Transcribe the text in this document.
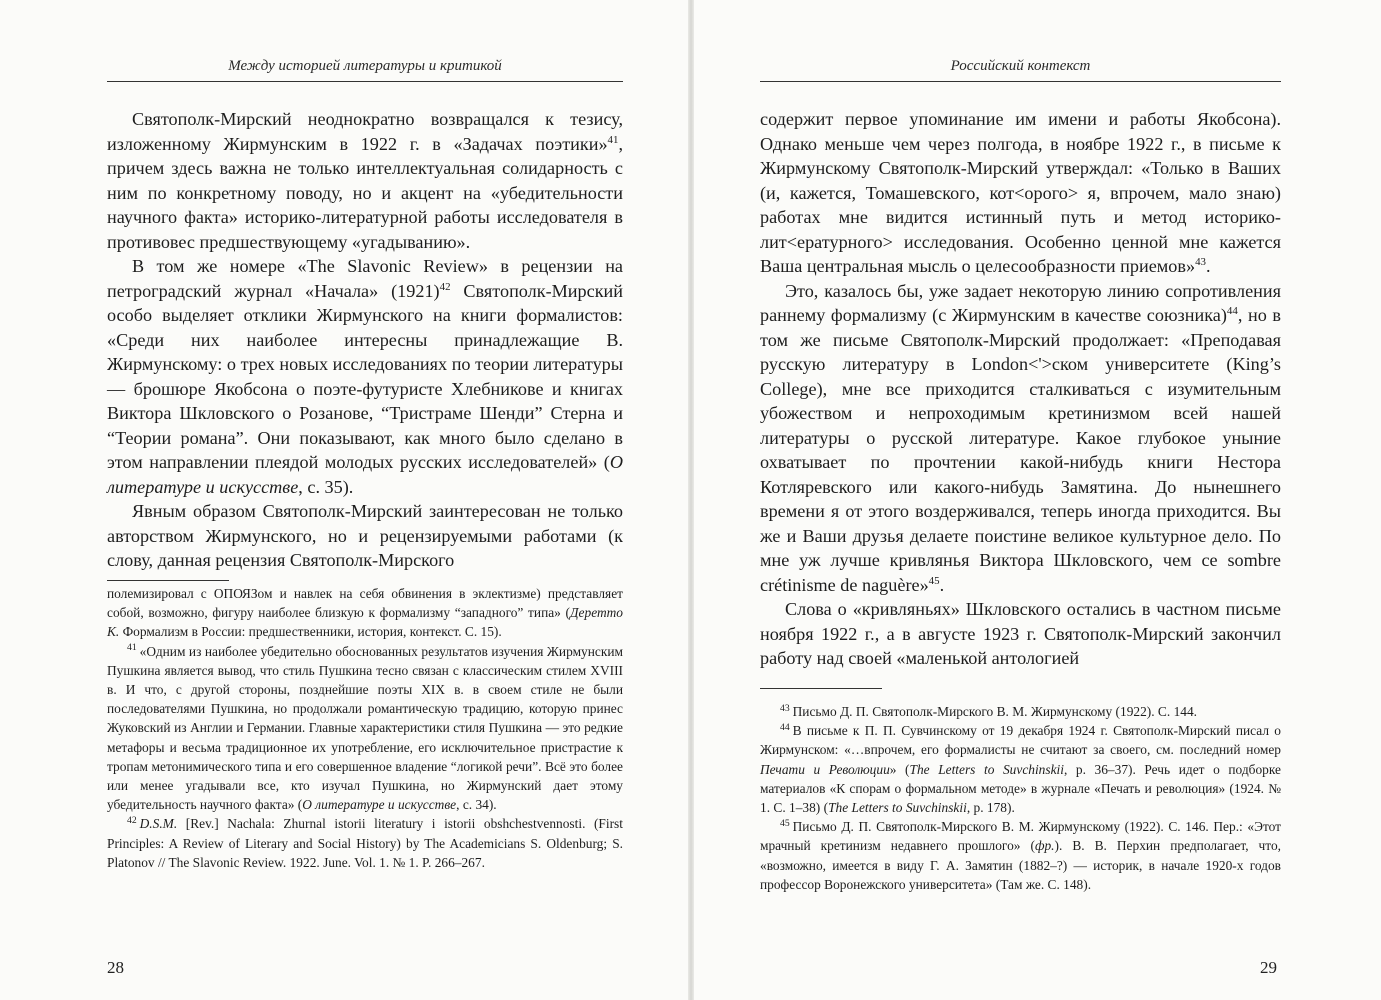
Между историей литературы и критикой

Святополк-Мирский неоднократно возвращался к тезису, изложенному Жирмунским в 1922 г. в «Задачах поэтики»$^{41}$, причем здесь важна не только интеллектуальная солидарность с ним по конкретному поводу, но и акцент на «убедительности научного факта» историко-литературной работы исследователя в противовес предшествующему «угадыванию».

В том же номере «The Slavonic Review» в рецензии на петроградский журнал «Начала» $(1921)^{42}$ Святополк-Мирский особо выделяет отклики Жирмунского на книги формалистов: «Среди них наиболее интересны принадлежащие В. Жирмунскому: о трех новых исследованиях по теории литературы — брошюре Якобсона о поэте-футуристе Хлебникове и книгах Виктора Шкловского о Розанове, “Тристраме Шенди” Стерна и “Теории романа”. Они показывают, как много было сделано в этом направлении плеядой молодых русских исследователей» (О литературе и искусстве, с. 35).

Явным образом Святополк-Мирский заинтересован не только авторством Жирмунского, но и рецензируемыми работами (к слову, данная рецензия Святополк-Мирского

полемизировал с ОПОЯЗом и навлек на себя обвинения в эклектизме) представляет собой, возможно, фигуру наиболее близкую к формализму “западного” типа» (Деретто К. Формализм в России: предшественники, история, контекст. С. 15).

$^{41}$ «Одним из наиболее убедительно обоснованных результатов изучения Жирмунским Пушкина является вывод, что стиль Пушкина тесно связан с классическим стилем XVIII в. И что, с другой стороны, позднейшие поэты XIX в. в своем стиле не были последователями Пушкина, но продолжали романтическую традицию, которую принес Жуковский из Англии и Германии. Главные характеристики стиля Пушкина — это редкие метафоры и весьма традиционное их употребление, его исключительное пристрастие к тропам метонимического типа и его совершенное владение “логикой речи”. Всё это более или менее угадывали все, кто изучал Пушкина, но Жирмунский дает этому убедительность научного факта» (О литературе и искусстве, с. 34).

$^{42}$ D.S.M. [Rev.] Nachala: Zhurnal istorii literatury i istorii obshchestvennosti. (First Principles: A Review of Literary and Social History) by The Academicians S. Oldenburg; S. Platonov // The Slavonic Review. 1922. June. Vol. 1. № 1. P. 266–267.

28
Российский контекст

содержит первое упоминание им имени и работы Якобсона). Однако меньше чем через полгода, в ноябре 1922 г., в письме к Жирмунскому Святополк-Мирский утверждал: «Только в Ваших (и, кажется, Томашевского, кот<орого> я, впрочем, мало знаю) работах мне видится истинный путь и метод историко-лит<ературного> исследования. Особенно ценной мне кажется Ваша центральная мысль о целесообразности приемов»$^{43}$.

Это, казалось бы, уже задает некоторую линию сопротивления раннему формализму (с Жирмунским в качестве союзника)$^{44}$, но в том же письме Святополк-Мирский продолжает: «Преподавая русскую литературу в London<'>ском университете (King’s College), мне все приходится сталкиваться с изумительным убожеством и непроходимым кретинизмом всей нашей литературы о русской литературе. Какое глубокое уныние охватывает по прочтении какой-нибудь книги Нестора Котляревского или какого-нибудь Замятина. До нынешнего времени я от этого воздерживался, теперь иногда приходится. Вы же и Ваши друзья делаете поистине великое культурное дело. По мне уж лучше кривлянья Виктора Шкловского, чем ce sombre crétinisme de naguère»$^{45}$.

Слова о «кривляньях» Шкловского остались в частном письме ноября 1922 г., а в августе 1923 г. Святополк-Мирский закончил работу над своей «маленькой антологией

$^{43}$ Письмо Д. П. Святополк-Мирского В. М. Жирмунскому (1922). С. 144.

$^{44}$ В письме к П. П. Сувчинскому от 19 декабря 1924 г. Святополк-Мирский писал о Жирмунском: «…впрочем, его формалисты не считают за своего, см. последний номер Печати и Революции» (The Letters to Suvchinskii, p. 36–37). Речь идет о подборке материалов «К спорам о формальном методе» в журнале «Печать и революция» (1924. № 1. С. 1–38) (The Letters to Suvchinskii, p. 178).

$^{45}$ Письмо Д. П. Святополк-Мирского В. М. Жирмунскому (1922). С. 146. Пер.: «Этот мрачный кретинизм недавнего прошлого» (фр.). В. В. Перхин предполагает, что, «возможно, имеется в виду Г. А. Замятин (1882–?) — историк, в начале 1920-х годов профессор Воронежского университета» (Там же. С. 148).

29
